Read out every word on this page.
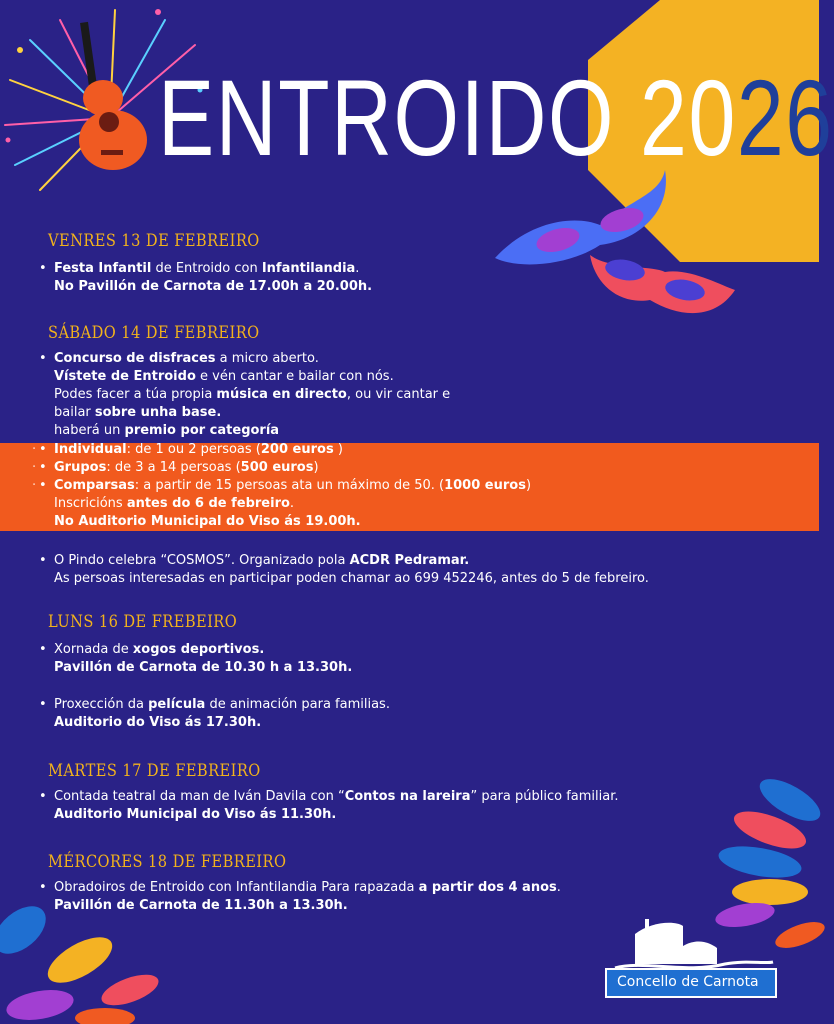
ENTROIDO 2026
VENRES 13 DE FEBREIRO
SÁBADO 14 DE FEBREIRO
LUNS 16 DE FREBEIRO
MARTES 17 DE FEBREIRO
MÉRCORES 18 DE FEBREIRO
• Festa Infantil de Entroido con Infantilandia.
No Pavillón de Carnota de 17.00h a 20.00h.
• Concurso de disfraces a micro aberto.
Vístete de Entroido e vén cantar e bailar con nós.
Podes facer a túa propia música en directo, ou vir cantar e
bailar sobre unha base.
haberá un premio por categoría
• Individual: de 1 ou 2 persoas (200 euros )
• Grupos: de 3 a 14 persoas (500 euros)
• Comparsas: a partir de 15 persoas ata un máximo de 50. (1000 euros)
Inscricións antes do 6 de febreiro.
No Auditorio Municipal do Viso ás 19.00h.
• O Pindo celebra “COSMOS”. Organizado pola ACDR Pedramar.
As persoas interesadas en participar poden chamar ao 699 452246, antes do 5 de febreiro.
• Xornada de xogos deportivos.
Pavillón de Carnota de 10.30 h a 13.30h.
• Proxección da película de animación para familias.
Auditorio do Viso ás 17.30h.
• Contada teatral da man de Iván Davila con “Contos na lareira” para público familiar.
Auditorio Municipal do Viso ás 11.30h.
• Obradoiros de Entroido con Infantilandia Para rapazada a partir dos 4 anos.
Pavillón de Carnota de 11.30h a 13.30h.
·
·
·
Concello de Carnota
